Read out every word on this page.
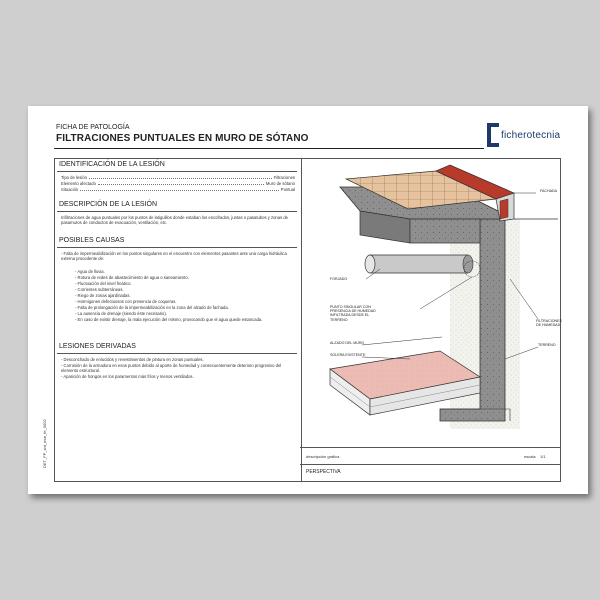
FICHA DE PATOLOGÍA
FILTRACIONES PUNTUALES EN MURO DE SÓTANO	ficherotecnia
IDENTIFICACIÓN DE LA LESIÓN
Tipo de lesión	Filtraciones
Elemento afectado	Muro de sótano
Situación	Puntual
DESCRIPCIÓN DE LA LESIÓN
Infiltraciones de agua puntuales por los puntos de latiguillos donde estaban los encofrados, juntas o pasatubos y zonas de pasamuros de conductos de evacuación, ventilación, etc.
POSIBLES CAUSAS
- Falta de impermeabilización en los puntos singulares en el encuentro con elementos pasantes ante una carga hidráulica externa procedente de:
- Agua de lluvia.
- Rotura de redes de abastecimiento de agua o saneamiento.
- Fluctuación del nivel freático.
- Corrientes subterráneas.
- Riego de zonas ajardinadas.
- Hormigones defectuosos con presencia de coqueras.
- Falta de prolongación de la impermeabilización en la zona del alzado de fachada.
- La ausencia de drenaje (siendo éste necesario).
- En caso de existir drenaje, la mala ejecución del mismo, provocando que el agua quede estancada.
LESIONES DERIVADAS
- Desconchado de enlucidos y revestimientos de pintura en zonas puntuales.
- Corrosión de la armadura en esos puntos debido al aporte de humedad y consecuentemente deterioro progresivo del elemento estructural.
- Aparición de hongos en los paramentos más fríos y menos ventilados.
DET_FP_sot_mur_fe_0002
FACHADA
FORJADO
PUNTO SINGULAR CON PRESENCIA DE HUMEDAD INFILTRADA DESDE EL TERRENO	FILTRACIONES DE HUMEDAD
ALZADO DEL MURO	TERRENO
SOLERA EXISTENTE
descripción gráfica	escala 1/1
PERSPECTIVA
